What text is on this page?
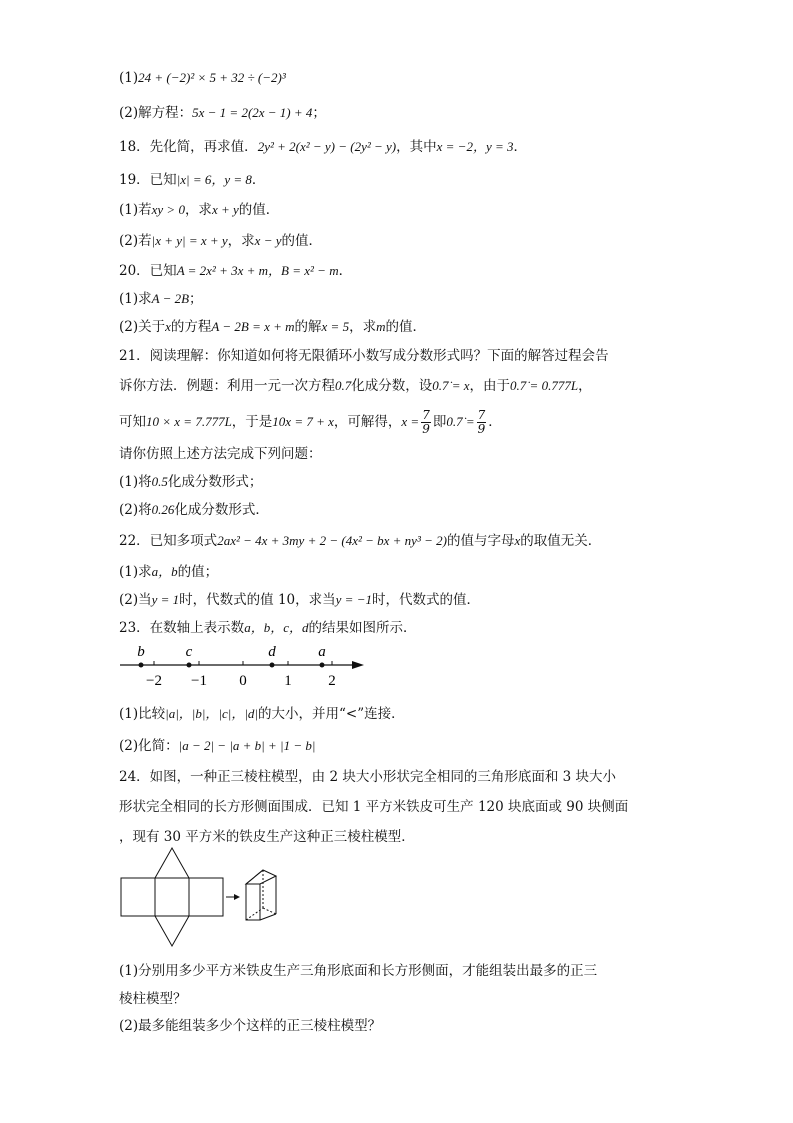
(1)24 + (−2)² × 5 + 32 ÷ (−2)³
(2)解方程：5x − 1 = 2(2x − 1) + 4；
18．先化简，再求值．2y² + 2(x² − y) − (2y² − y)，其中x = −2，y = 3．
19．已知|x| = 6，y = 8．
(1)若xy > 0，求x + y的值．
(2)若|x + y| = x + y，求x − y的值．
20．已知A = 2x² + 3x + m，B = x² − m．
(1)求A − 2B；
(2)关于x的方程A − 2B = x + m的解x = 5，求m的值．
21．阅读理解：你知道如何将无限循环小数写成分数形式吗？下面的解答过程会告
诉你方法．例题：利用一元一次方程0.7化成分数，设0.7̇ = x，由于0.7̇ = 0.777L，
可知10 × x = 7.777L，于是10x = 7 + x，可解得，$x = \frac{7}{9}$ 即0.7̇ = $\frac{7}{9}$ ．
请你仿照上述方法完成下列问题：
(1)将0.5̇化成分数形式；
(2)将0.2̇6̇化成分数形式．
22．已知多项式2ax² − 4x + 3my + 2 − (4x² − bx + ny³ − 2)的值与字母x的取值无关．
(1)求a，b的值；
(2)当y = 1时，代数式的值 10，求当y = −1时，代数式的值．
23．在数轴上表示数a，b，c，d的结果如图所示．
−2 −1 0	1 2
b	c	d	a
(1)比较|a|，|b|，|c|，|d|的大小，并用“<”连接．
(2)化简：|a − 2| − |a + b| + |1 − b|
24．如图，一种正三棱柱模型，由 2 块大小形状完全相同的三角形底面和 3 块大小
形状完全相同的长方形侧面围成．已知 1 平方米铁皮可生产 120 块底面或 90 块侧面
，现有 30 平方米的铁皮生产这种正三棱柱模型．
(1)分别用多少平方米铁皮生产三角形底面和长方形侧面，才能组装出最多的正三
棱柱模型？
(2)最多能组装多少个这样的正三棱柱模型？
